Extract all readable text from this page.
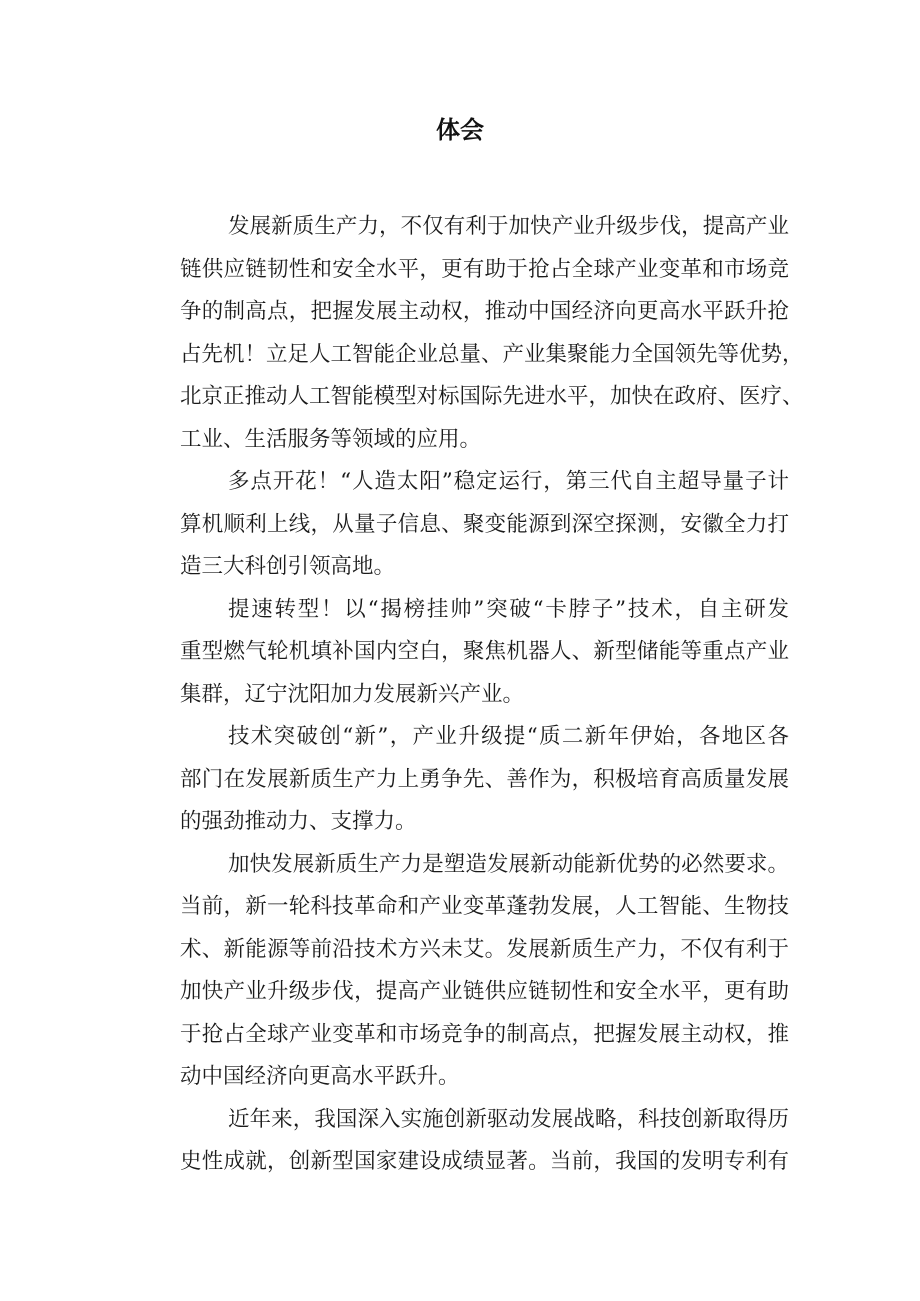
体会
发展新质生产力，不仅有利于加快产业升级步伐，提高产业
链供应链韧性和安全水平，更有助于抢占全球产业变革和市场竞
争的制高点，把握发展主动权，推动中国经济向更高水平跃升抢
占先机！立足人工智能企业总量、产业集聚能力全国领先等优势，
北京正推动人工智能模型对标国际先进水平，加快在政府、医疗、
工业、生活服务等领域的应用。
多点开花！“人造太阳”稳定运行，第三代自主超导量子计
算机顺利上线，从量子信息、聚变能源到深空探测，安徽全力打
造三大科创引领高地。
提速转型！以“揭榜挂帅”突破“卡脖子”技术，自主研发
重型燃气轮机填补国内空白，聚焦机器人、新型储能等重点产业
集群，辽宁沈阳加力发展新兴产业。
技术突破创“新”，产业升级提“质二新年伊始，各地区各
部门在发展新质生产力上勇争先、善作为，积极培育高质量发展
的强劲推动力、支撑力。
加快发展新质生产力是塑造发展新动能新优势的必然要求。
当前，新一轮科技革命和产业变革蓬勃发展，人工智能、生物技
术、新能源等前沿技术方兴未艾。发展新质生产力，不仅有利于
加快产业升级步伐，提高产业链供应链韧性和安全水平，更有助
于抢占全球产业变革和市场竞争的制高点，把握发展主动权，推
动中国经济向更高水平跃升。
近年来，我国深入实施创新驱动发展战略，科技创新取得历
史性成就，创新型国家建设成绩显著。当前，我国的发明专利有
